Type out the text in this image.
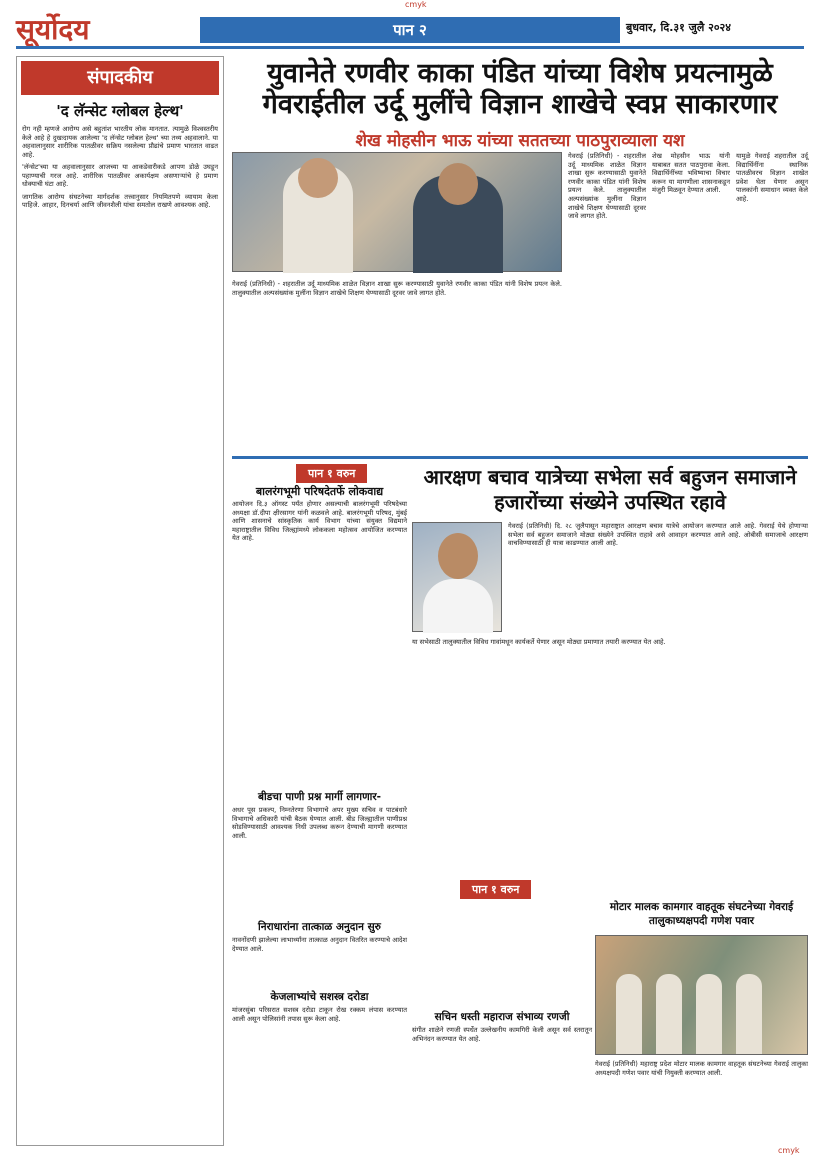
cmyk
सूर्योदय	पान २	बुधवार, दि.३१ जुलै २०२४
संपादकीय
'द लॅन्सेट ग्लोबल हेल्थ'

रोग नही म्हणजे आरोग्य असे बहुतांश भारतीय लोक मानतात. त्यामुळे विश्वस्तरीय केले आहे हे दुखःदायक आलेल्या 'द लॅन्सेट ग्लोबल हेल्थ' च्या तथ्य अहवालाने. या अहवालानुसार शारीरिक पातळीवर सक्रिय नसलेल्या प्रौढांचे प्रमाण भारतात वाढत आहे.

'लॅन्सेट'च्या या अहवालानुसार आजच्या या आकडेवारीकडे आपण डोळे उघडून पहाण्याची गरज आहे. शारीरिक पातळीवर अकार्यक्षम असणाऱ्यांचे हे प्रमाण धोक्याची घंटा आहे.

जागतिक आरोग्य संघटनेच्या मार्गदर्शक तत्त्वानुसार नियमितपणे व्यायाम केला पाहिजे. आहार, दिनचर्या आणि जीवनशैली यांचा समतोल राखणे आवश्यक आहे.

युवानेते रणवीर काका पंडित यांच्या विशेष प्रयत्नामुळे गेवराईतील उर्दू मुलींचे विज्ञान शाखेचे स्वप्न साकारणार
शेख मोहसीन भाऊ यांच्या सततच्या पाठपुराव्याला यश
गेवराई (प्रतिनिधी) - शहरातील उर्दू माध्यमिक शाळेत विज्ञान शाखा सुरू करण्यासाठी युवानेते रणवीर काका पंडित यांनी विशेष प्रयत्न केले. तालुक्यातील अल्पसंख्यांक मुलींना विज्ञान शाखेचे शिक्षण घेण्यासाठी दूरवर जावे लागत होते.
शेख मोहसीन भाऊ यांनी याबाबत सतत पाठपुरावा केला. विद्यार्थिनींच्या भविष्याचा विचार करून या मागणीला शासनाकडून मंजुरी मिळवून देण्यात आली.
यामुळे गेवराई शहरातील उर्दू विद्यार्थिनींना स्थानिक पातळीवरच विज्ञान शाखेत प्रवेश घेता येणार असून पालकांनी समाधान व्यक्त केले आहे.
गेवराई (प्रतिनिधी) - शहरातील उर्दू माध्यमिक शाळेत विज्ञान शाखा सुरू करण्यासाठी युवानेते रणवीर काका पंडित यांनी विशेष प्रयत्न केले. तालुक्यातील अल्पसंख्यांक मुलींना विज्ञान शाखेचे शिक्षण घेण्यासाठी दूरवर जावे लागत होते.
पान १ वरुन
बालरंगभूमी परिषदेतर्फे लोकवाद्य
आयोजन दि.३ ऑगस्ट पर्यंत होणार असल्याची बालरंगभूमी परिषदेच्या अध्यक्षा डॉ.दीपा क्षीरसागर यांनी कळवले आहे. बालरंगभूमी परिषद, मुंबई आणि शासनाचे सांस्कृतिक कार्य विभाग यांच्या संयुक्त विद्यमाने महाराष्ट्रातील विविध जिल्ह्यांमध्ये लोककला महोत्सव आयोजित करण्यात येत आहे.
बीडचा पाणी प्रश्न मार्गी लागणार-
अधर पूस प्रकल्प, निम्नतेरणा विभागाचे अपर मुख्य सचिव व पाटबंधारे विभागाचे अधिकारी यांची बैठक घेण्यात आली. बीड जिल्ह्यातील पाणीप्रश्न सोडविण्यासाठी आवश्यक निधी उपलब्ध करून देण्याची मागणी करण्यात आली.
निराधारांना तात्काळ अनुदान सुरु
नावनोंदणी झालेल्या लाभार्थ्यांना तात्काळ अनुदान वितरित करण्याचे आदेश देण्यात आले.
केजलाभ्यांचे सशस्त्र दरोडा
मांजरसुंबा परिसरात सशस्त्र दरोडा टाकून रोख रक्कम लंपास करण्यात आली असून पोलिसांनी तपास सुरू केला आहे.
आरक्षण बचाव यात्रेच्या सभेला सर्व बहुजन समाजाने हजारोंच्या संख्येने उपस्थित रहावे
गेवराई (प्रतिनिधी) दि. २८ जुलैपासून महाराष्ट्रात आरक्षण बचाव यात्रेचे आयोजन करण्यात आले आहे. गेवराई येथे होणाऱ्या सभेला सर्व बहुजन समाजाने मोठ्या संख्येने उपस्थित राहावे असे आवाहन करण्यात आले आहे. ओबीसी समाजाचे आरक्षण वाचविण्यासाठी ही यात्रा काढण्यात आली आहे.
या सभेसाठी तालुक्यातील विविध गावांमधून कार्यकर्ते येणार असून मोठ्या प्रमाणात तयारी करण्यात येत आहे.
पान १ वरुन
सचिन धस्ती महाराज संभाव्य रणजी
संगीत शाळेने रणजी स्पर्धेत उल्लेखनीय कामगिरी केली असून सर्व स्तरातून अभिनंदन करण्यात येत आहे.
मोटार मालक कामगार वाहतूक संघटनेच्या गेवराई तालुकाध्यक्षपदी गणेश पवार
गेवराई (प्रतिनिधी) महाराष्ट्र प्रदेश मोटार मालक कामगार वाहतूक संघटनेच्या गेवराई तालुका अध्यक्षपदी गणेश पवार यांची नियुक्ती करण्यात आली.
cmyk
